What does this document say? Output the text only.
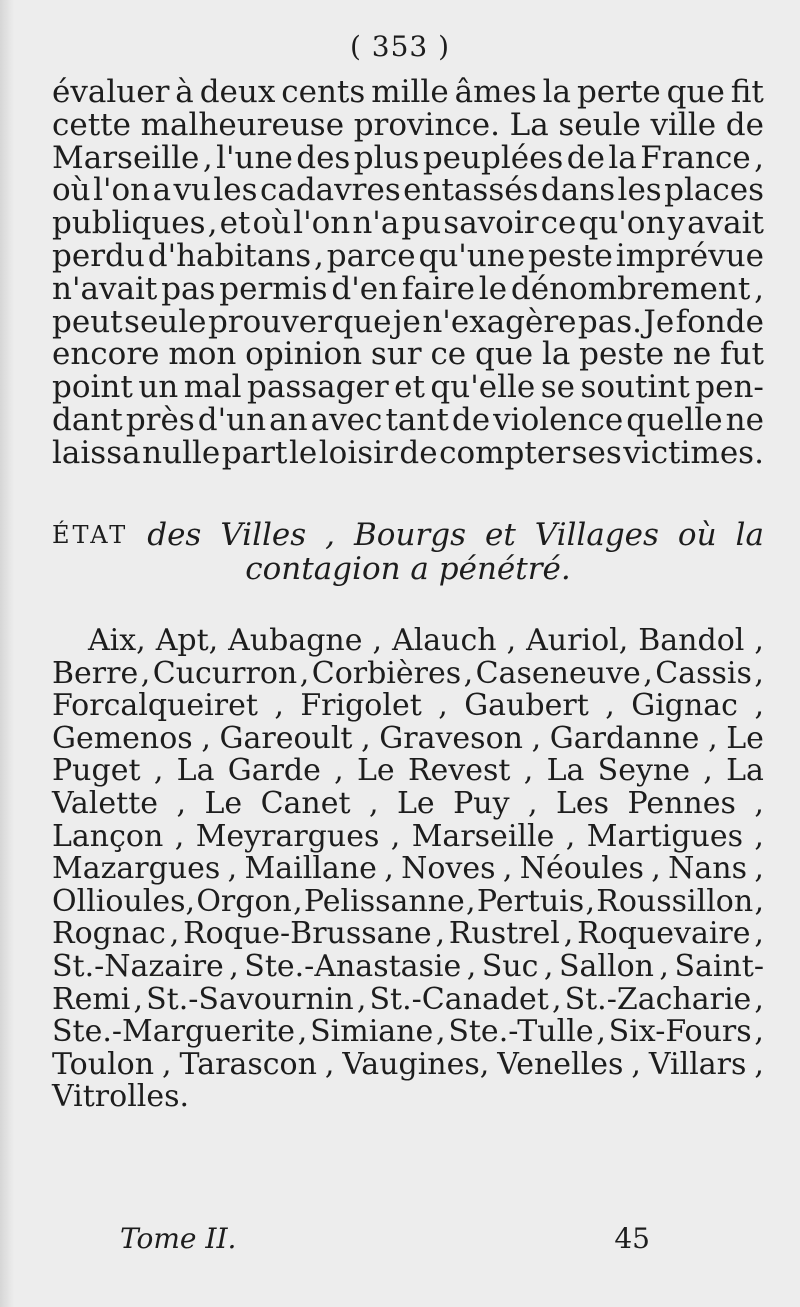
( 353 )
évaluer à deux cents mille âmes la perte que fit
cette malheureuse province. La seule ville de
Marseille , l'une des plus peuplées de la France ,
où l'on a vu les cadavres entassés dans les places
publiques , et où l'on n'a pu savoir ce qu'on y avait
perdu d'habitans , parce qu'une peste imprévue
n'avait pas permis d'en faire le dénombrement ,
peut seule prouver que je n'exagère pas. Je fonde
encore mon opinion sur ce que la peste ne fut
point un mal passager et qu'elle se soutint pen-
dant près d'un an avec tant de violence quelle ne
laissa nulle part le loisir de compter ses victimes.
ÉTAT des Villes , Bourgs et Villages où la
contagion a pénétré.
Aix, Apt, Aubagne , Alauch , Auriol, Bandol ,
Berre , Cucurron , Corbières , Caseneuve , Cassis ,
Forcalqueiret , Frigolet , Gaubert , Gignac ,
Gemenos , Gareoult , Graveson , Gardanne , Le
Puget , La Garde , Le Revest , La Seyne , La
Valette , Le Canet , Le Puy , Les Pennes ,
Lançon , Meyrargues , Marseille , Martigues ,
Mazargues , Maillane , Noves , Néoules , Nans ,
Ollioules, Orgon , Pelissanne , Pertuis , Roussillon ,
Rognac , Roque-Brussane , Rustrel , Roquevaire ,
St.-Nazaire , Ste.-Anastasie , Suc , Sallon , Saint-
Remi , St.-Savournin , St.-Canadet , St.-Zacharie ,
Ste.-Marguerite , Simiane , Ste.-Tulle , Six-Fours ,
Toulon , Tarascon , Vaugines, Venelles , Villars ,
Vitrolles.
Tome II.	45
